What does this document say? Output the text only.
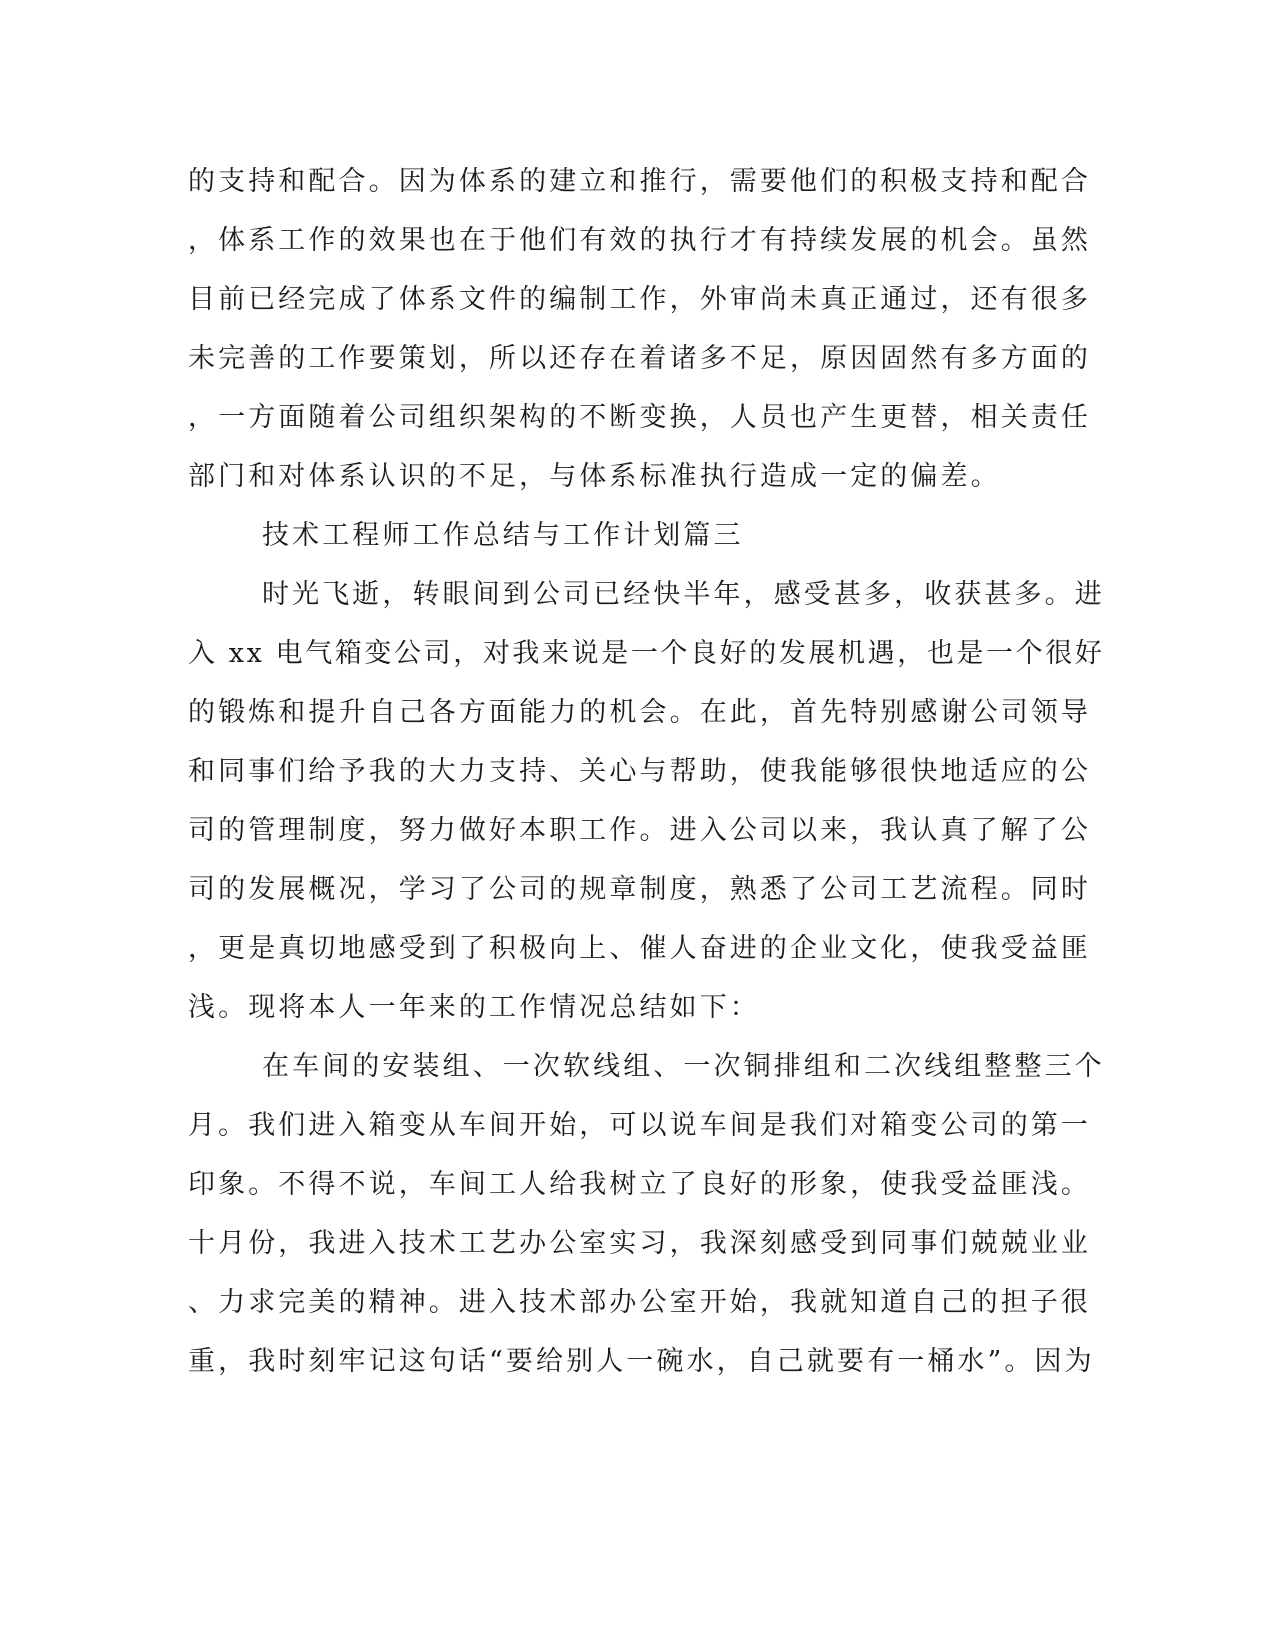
的支持和配合。因为体系的建立和推行，需要他们的积极支持和配合
，体系工作的效果也在于他们有效的执行才有持续发展的机会。虽然
目前已经完成了体系文件的编制工作，外审尚未真正通过，还有很多
未完善的工作要策划，所以还存在着诸多不足，原因固然有多方面的
，一方面随着公司组织架构的不断变换，人员也产生更替，相关责任
部门和对体系认识的不足，与体系标准执行造成一定的偏差。
技术工程师工作总结与工作计划篇三
时光飞逝，转眼间到公司已经快半年，感受甚多，收获甚多。进
入 xx 电气箱变公司，对我来说是一个良好的发展机遇，也是一个很好
的锻炼和提升自己各方面能力的机会。在此，首先特别感谢公司领导
和同事们给予我的大力支持、关心与帮助，使我能够很快地适应的公
司的管理制度，努力做好本职工作。进入公司以来，我认真了解了公
司的发展概况，学习了公司的规章制度，熟悉了公司工艺流程。同时
，更是真切地感受到了积极向上、催人奋进的企业文化，使我受益匪
浅。现将本人一年来的工作情况总结如下：
在车间的安装组、一次软线组、一次铜排组和二次线组整整三个
月。我们进入箱变从车间开始，可以说车间是我们对箱变公司的第一
印象。不得不说，车间工人给我树立了良好的形象，使我受益匪浅。
十月份，我进入技术工艺办公室实习，我深刻感受到同事们兢兢业业
、力求完美的精神。进入技术部办公室开始，我就知道自己的担子很
重，我时刻牢记这句话“要给别人一碗水，自己就要有一桶水”。因为
